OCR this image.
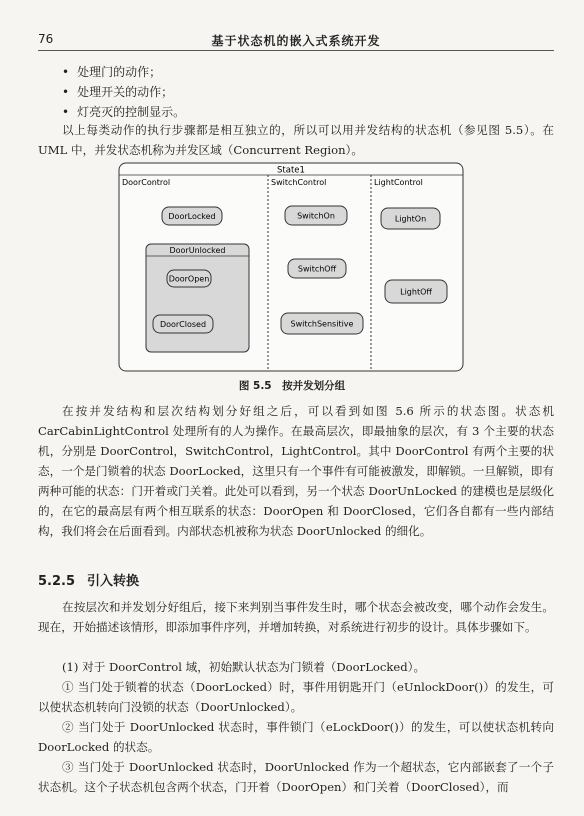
76	基于状态机的嵌入式系统开发
• 处理门的动作；
• 处理开关的动作；
• 灯亮灭的控制显示。
以上每类动作的执行步骤都是相互独立的，所以可以用并发结构的状态机（参见图 5.5）。在 UML 中，并发状态机称为并发区域（Concurrent Region）。
State1
DoorControl	SwitchControl	LightControl
DoorLocked
DoorUnlocked
DoorOpen
DoorClosed
SwitchOn
SwitchOff
SwitchSensitive
LightOn
LightOff
图 5.5　按并发划分组
在按并发结构和层次结构划分好组之后，可以看到如图 5.6 所示的状态图。状态机 CarCabinLightControl 处理所有的人为操作。在最高层次，即最抽象的层次，有 3 个主要的状态机，分别是 DoorControl，SwitchControl，LightControl。其中 DoorControl 有两个主要的状态，一个是门锁着的状态 DoorLocked，这里只有一个事件有可能被激发，即解锁。一旦解锁，即有两种可能的状态：门开着或门关着。此处可以看到，另一个状态 DoorUnLocked 的建模也是层级化的，在它的最高层有两个相互联系的状态：DoorOpen 和 DoorClosed，它们各自都有一些内部结构，我们将会在后面看到。内部状态机被称为状态 DoorUnlocked 的细化。
5.2.5 引入转换
在按层次和并发划分好组后，接下来判别当事件发生时，哪个状态会被改变，哪个动作会发生。现在，开始描述该情形，即添加事件序列，并增加转换，对系统进行初步的设计。具体步骤如下。
(1) 对于 DoorControl 域，初始默认状态为门锁着（DoorLocked）。
① 当门处于锁着的状态（DoorLocked）时，事件用钥匙开门（eUnlockDoor()）的发生，可以使状态机转向门没锁的状态（DoorUnlocked）。
② 当门处于 DoorUnlocked 状态时，事件锁门（eLockDoor()）的发生，可以使状态机转向 DoorLocked 的状态。
③ 当门处于 DoorUnlocked 状态时，DoorUnlocked 作为一个超状态，它内部嵌套了一个子状态机。这个子状态机包含两个状态，门开着（DoorOpen）和门关着（DoorClosed），而
